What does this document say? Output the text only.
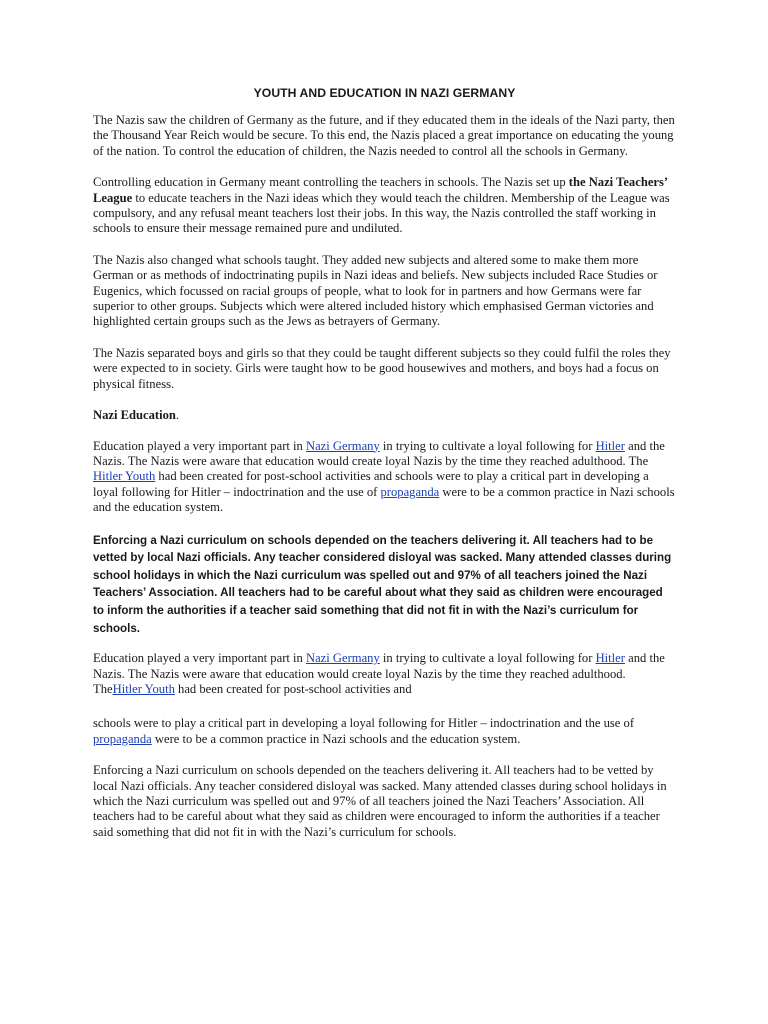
YOUTH AND EDUCATION IN NAZI GERMANY

The Nazis saw the children of Germany as the future, and if they educated them in the ideals of the Nazi party, then the Thousand Year Reich would be secure. To this end, the Nazis placed a great importance on educating the young of the nation. To control the education of children, the Nazis needed to control all the schools in Germany.

Controlling education in Germany meant controlling the teachers in schools. The Nazis set up the Nazi Teachers’ League to educate teachers in the Nazi ideas which they would teach the children. Membership of the League was compulsory, and any refusal meant teachers lost their jobs. In this way, the Nazis controlled the staff working in schools to ensure their message remained pure and undiluted.

The Nazis also changed what schools taught. They added new subjects and altered some to make them more German or as methods of indoctrinating pupils in Nazi ideas and beliefs. New subjects included Race Studies or Eugenics, which focussed on racial groups of people, what to look for in partners and how Germans were far superior to other groups. Subjects which were altered included history which emphasised German victories and highlighted certain groups such as the Jews as betrayers of Germany.

The Nazis separated boys and girls so that they could be taught different subjects so they could fulfil the roles they were expected to in society. Girls were taught how to be good housewives and mothers, and boys had a focus on physical fitness.

Nazi Education.

Education played a very important part in Nazi Germany in trying to cultivate a loyal following for Hitler and the Nazis. The Nazis were aware that education would create loyal Nazis by the time they reached adulthood. The Hitler Youth had been created for post-school activities and schools were to play a critical part in developing a loyal following for Hitler – indoctrination and the use of propaganda were to be a common practice in Nazi schools and the education system.

Enforcing a Nazi curriculum on schools depended on the teachers delivering it. All teachers had to be vetted by local Nazi officials. Any teacher considered disloyal was sacked. Many attended classes during school holidays in which the Nazi curriculum was spelled out and 97% of all teachers joined the Nazi Teachers’ Association. All teachers had to be careful about what they said as children were encouraged to inform the authorities if a teacher said something that did not fit in with the Nazi’s curriculum for schools.

Education played a very important part in Nazi Germany in trying to cultivate a loyal following for Hitler and the Nazis. The Nazis were aware that education would create loyal Nazis by the time they reached adulthood. TheHitler Youth had been created for post-school activities and

schools were to play a critical part in developing a loyal following for Hitler – indoctrination and the use of propaganda were to be a common practice in Nazi schools and the education system.

Enforcing a Nazi curriculum on schools depended on the teachers delivering it. All teachers had to be vetted by local Nazi officials. Any teacher considered disloyal was sacked. Many attended classes during school holidays in which the Nazi curriculum was spelled out and 97% of all teachers joined the Nazi Teachers’ Association. All teachers had to be careful about what they said as children were encouraged to inform the authorities if a teacher said something that did not fit in with the Nazi’s curriculum for schools.
